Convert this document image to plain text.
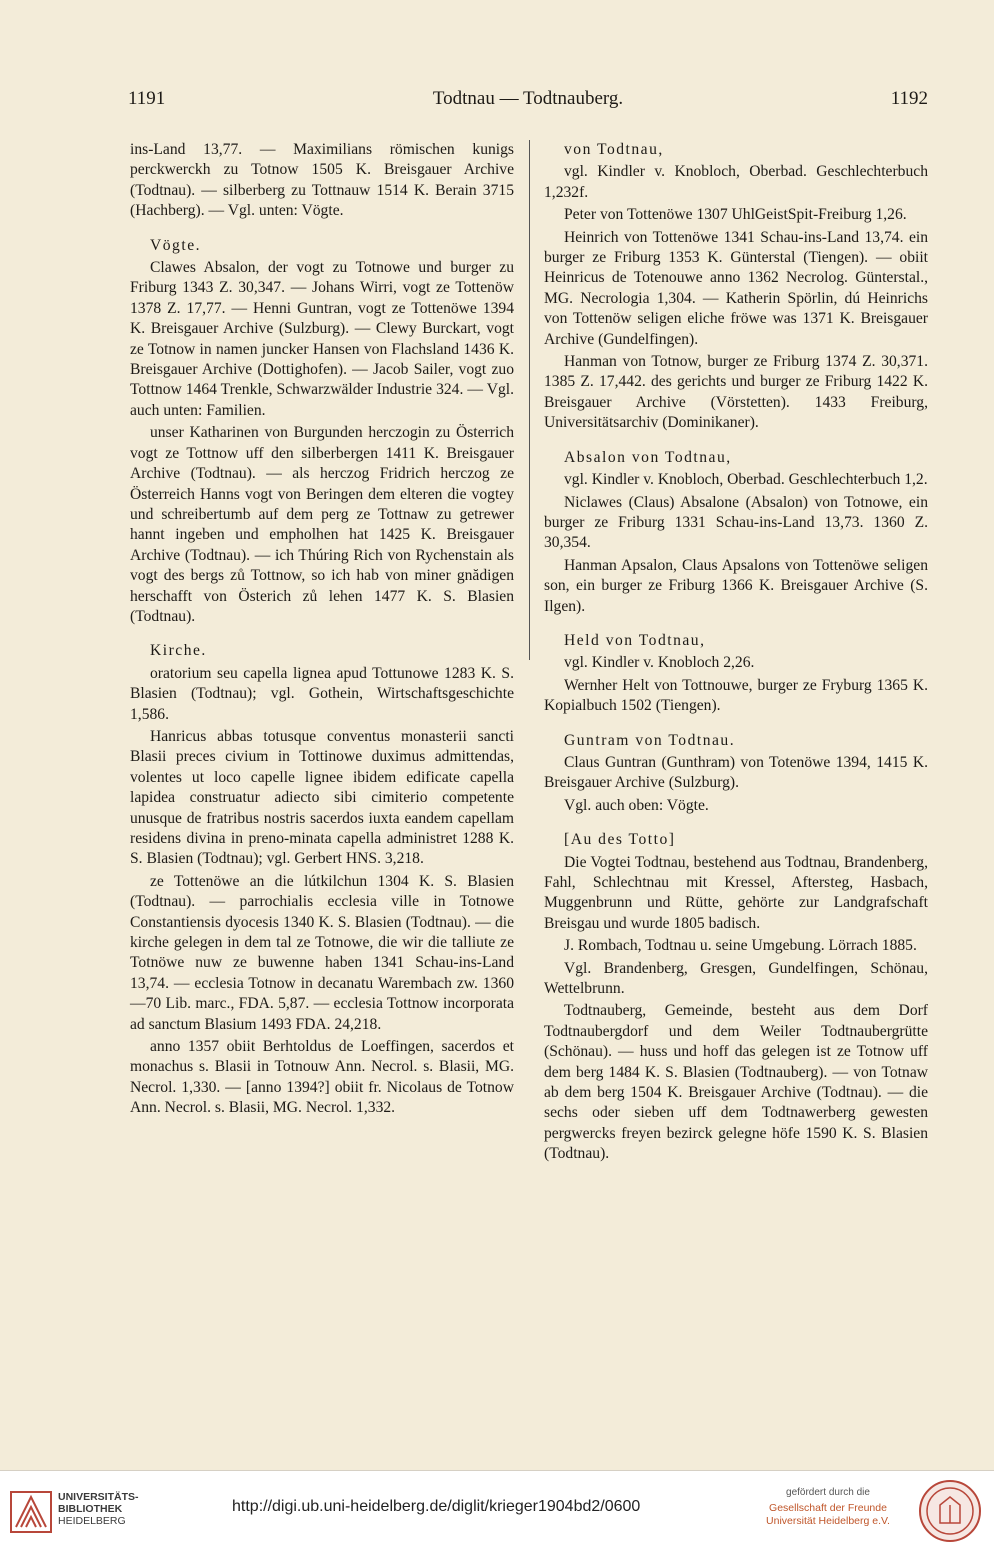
1191	Todtnau — Todtnauberg.	1192

ins-Land 13,77. — Maximilians römischen kunigs perckwerckh zu Totnow 1505 K. Breisgauer Archive (Todtnau). — silberberg zu Tottnauw 1514 K. Berain 3715 (Hachberg). — Vgl. unten: Vögte.

Vögte.

Clawes Absalon, der vogt zu Totnowe und burger zu Friburg 1343 Z. 30,347. — Johans Wirri, vogt ze Tottenöw 1378 Z. 17,77. — Henni Guntran, vogt ze Tottenöwe 1394 K. Breisgauer Archive (Sulzburg). — Clewy Burckart, vogt ze Totnow in namen juncker Hansen von Flachsland 1436 K. Breisgauer Archive (Dottighofen). — Jacob Sailer, vogt zuo Tottnow 1464 Trenkle, Schwarzwälder Industrie 324. — Vgl. auch unten: Familien.

unser Katharinen von Burgunden herczogin zu Österrich vogt ze Tottnow uff den silberbergen 1411 K. Breisgauer Archive (Todtnau). — als herczog Fridrich herczog ze Österreich Hanns vogt von Beringen dem elteren die vogtey und schreibertumb auf dem perg ze Tottnaw zu getrewer hannt ingeben und empholhen hat 1425 K. Breisgauer Archive (Todtnau). — ich Thúring Rich von Rychenstain als vogt des bergs zů Tottnow, so ich hab von miner gnădigen herschafft von Österich zů lehen 1477 K. S. Blasien (Todtnau).

Kirche.

oratorium seu capella lignea apud Tottunowe 1283 K. S. Blasien (Todtnau); vgl. Gothein, Wirtschaftsgeschichte 1,586.

Hanricus abbas totusque conventus monasterii sancti Blasii preces civium in Tottinowe duximus admittendas, volentes ut loco capelle lignee ibidem edificate capella lapidea construatur adiecto sibi cimiterio competente unusque de fratribus nostris sacerdos iuxta eandem capellam residens divina in preno-minata capella administret 1288 K. S. Blasien (Todtnau); vgl. Gerbert HNS. 3,218.

ze Tottenöwe an die lútkilchun 1304 K. S. Blasien (Todtnau). — parrochialis ecclesia ville in Totnowe Constantiensis dyocesis 1340 K. S. Blasien (Todtnau). — die kirche gelegen in dem tal ze Totnowe, die wir die talliute ze Totnöwe nuw ze buwenne haben 1341 Schau-ins-Land 13,74. — ecclesia Totnow in decanatu Warembach zw. 1360 —70 Lib. marc., FDA. 5,87. — ecclesia Tottnow incorporata ad sanctum Blasium 1493 FDA. 24,218.

anno 1357 obiit Berhtoldus de Loeffingen, sacerdos et monachus s. Blasii in Totnouw Ann. Necrol. s. Blasii, MG. Necrol. 1,330. — [anno 1394?] obiit fr. Nicolaus de Totnow Ann. Necrol. s. Blasii, MG. Necrol. 1,332.

von Todtnau,

vgl. Kindler v. Knobloch, Oberbad. Geschlechterbuch 1,232f.

Peter von Tottenöwe 1307 UhlGeistSpit-Freiburg 1,26.

Heinrich von Tottenöwe 1341 Schau-ins-Land 13,74. ein burger ze Friburg 1353 K. Günterstal (Tiengen). — obiit Heinricus de Totenouwe anno 1362 Necrolog. Günterstal., MG. Necrologia 1,304. — Katherin Spörlin, dú Heinrichs von Tottenöw seligen eliche fröwe was 1371 K. Breisgauer Archive (Gundelfingen).

Hanman von Totnow, burger ze Friburg 1374 Z. 30,371. 1385 Z. 17,442. des gerichts und burger ze Friburg 1422 K. Breisgauer Archive (Vörstetten). 1433 Freiburg, Universitätsarchiv (Dominikaner).

Absalon von Todtnau,

vgl. Kindler v. Knobloch, Oberbad. Geschlechterbuch 1,2.

Niclawes (Claus) Absalone (Absalon) von Totnowe, ein burger ze Friburg 1331 Schau-ins-Land 13,73. 1360 Z. 30,354.

Hanman Apsalon, Claus Apsalons von Tottenöwe seligen son, ein burger ze Friburg 1366 K. Breisgauer Archive (S. Ilgen).

Held von Todtnau,

vgl. Kindler v. Knobloch 2,26.

Wernher Helt von Tottnouwe, burger ze Fryburg 1365 K. Kopialbuch 1502 (Tiengen).

Guntram von Todtnau.

Claus Guntran (Gunthram) von Totenöwe 1394, 1415 K. Breisgauer Archive (Sulzburg).

Vgl. auch oben: Vögte.

[Au des Totto]

Die Vogtei Todtnau, bestehend aus Todtnau, Brandenberg, Fahl, Schlechtnau mit Kressel, Aftersteg, Hasbach, Muggenbrunn und Rütte, gehörte zur Landgrafschaft Breisgau und wurde 1805 badisch.

J. Rombach, Todtnau u. seine Umgebung. Lörrach 1885.

Vgl. Brandenberg, Gresgen, Gundelfingen, Schönau, Wettelbrunn.

Todtnauberg, Gemeinde, besteht aus dem Dorf Todtnaubergdorf und dem Weiler Todtnaubergrütte (Schönau). — huss und hoff das gelegen ist ze Totnow uff dem berg 1484 K. S. Blasien (Todtnauberg). — von Totnaw ab dem berg 1504 K. Breisgauer Archive (Todtnau). — die sechs oder sieben uff dem Todtnawerberg gewesten pergwercks freyen bezirck gelegne höfe 1590 K. S. Blasien (Todtnau).

UNIVERSITÄTS-
BIBLIOTHEK
HEIDELBERG
http://digi.ub.uni-heidelberg.de/diglit/krieger1904bd2/0600
gefördert durch die
Gesellschaft der Freunde
Universität Heidelberg e.V.
